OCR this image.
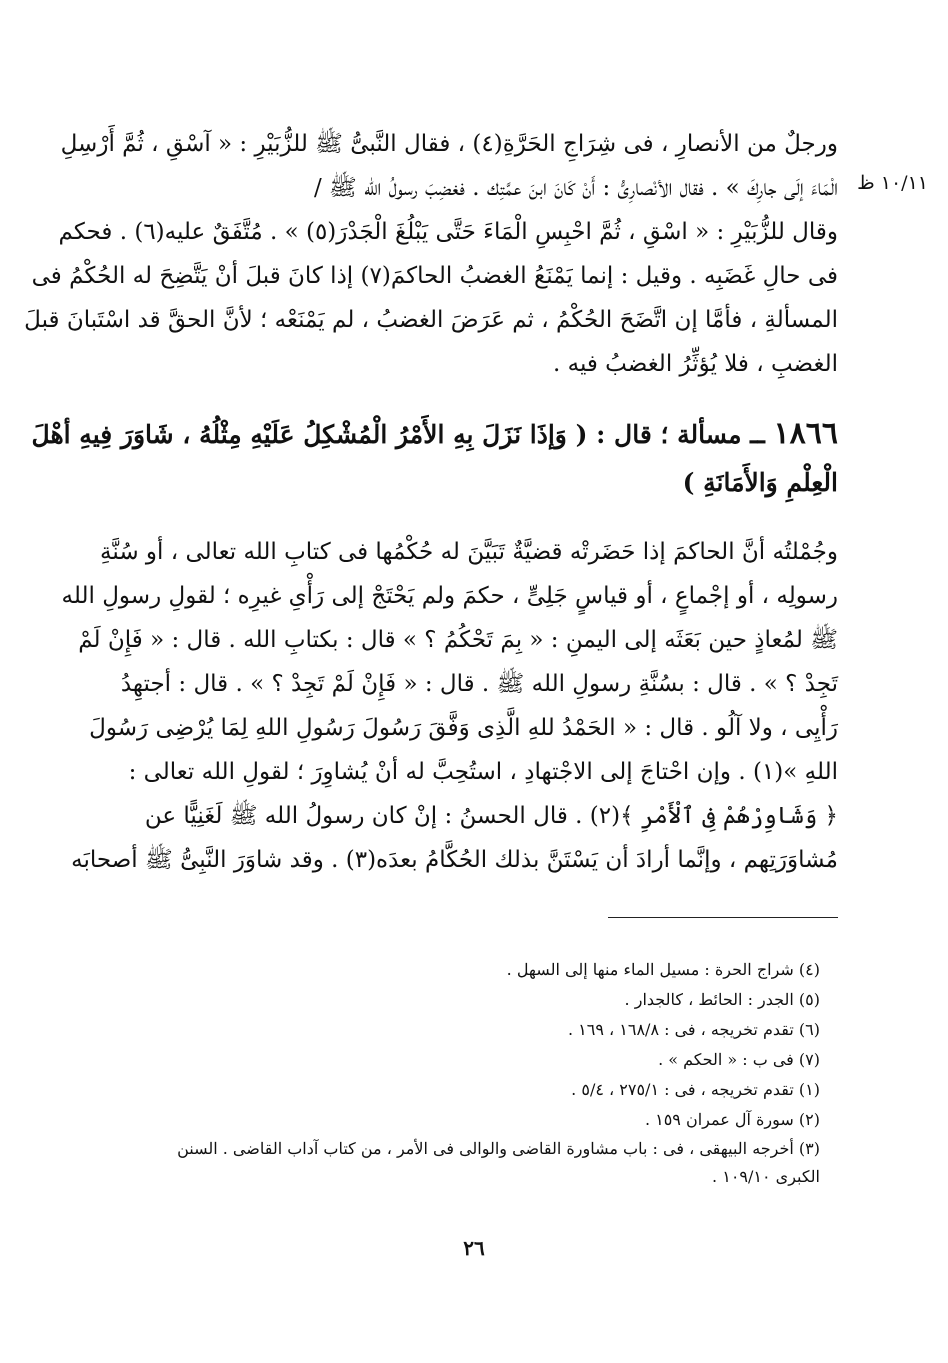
١٠/١١ ظ

ورجلٌ من الأنصارِ ، فى شِرَاجِ الحَرَّةِ(٤) ، فقال النَّبىُّ ﷺ للزُّبَيْرِ : « آسْقِ ، ثُمَّ أَرْسِلِ
الْمَاءَ إلَى جارِكَ » . فقال الأنْصارِىُّ : أَنْ كَانَ ابنَ عمَّتِك . فغضِبَ رسولُ الله ﷺ /
وقال للزُّبَيْرِ : « اسْقِ ، ثُمَّ احْبِسِ الْمَاءَ حَتَّى يَبْلُغَ الْجَدْرَ(٥) » . مُتَّفَقٌ عليه(٦) . فحكم
فى حالِ غَضَبِه . وقيل : إنما يَمْنَعُ الغضبُ الحاكمَ(٧) إذا كانَ قبلَ أنْ يَتَّضِحَ له الحُكْمُ فى
المسألةِ ، فأمَّا إن اتَّضَحَ الحُكْمُ ، ثم عَرَضَ الغضبُ ، لم يَمْنَعْه ؛ لأنَّ الحقَّ قد اسْتَبانَ قبلَ
الغضبِ ، فلا يُؤثِّرُ الغضبُ فيه .

١٨٦٦ ــ مسألة ؛ قال : ( وَإذَا نَزَلَ بِهِ الأَمْرُ الْمُشْكِلُ عَلَيْهِ مِثْلُهُ ، شَاوَرَ فِيهِ أهْلَ
الْعِلْمِ وَالأَمَانَةِ )

وجُمْلتُه أنَّ الحاكمَ إذا حَضَرتْه قضيَّةٌ تَبَيَّنَ له حُكْمُها فى كتابِ الله تعالى ، أو سُنَّةِ
رسولِه ، أو إجْماعٍ ، أو قياسٍ جَلِىٍّ ، حكمَ ولم يَحْتَجْ إلى رَأْىِ غيرِه ؛ لقولِ رسولِ الله
ﷺ لمُعاذٍ حين بَعَثَه إلى اليمنِ : « بِمَ تَحْكُمُ ؟ » قال : بكتابِ الله . قال : « فَإِنْ لَمْ
تَجِدْ ؟ » . قال : بسُنَّةِ رسولِ الله ﷺ . قال : « فَإِنْ لَمْ تَجِدْ ؟ » . قال : أجتهِدُ
رَأْيِى ، ولا آلُو . قال : « الحَمْدُ للهِ الَّذِى وَفَّقَ رَسُولَ رَسُولِ اللهِ لِمَا يُرْضِى رَسُولَ
اللهِ »(١) . وإن احْتاجَ إلى الاجْتهادِ ، استُحِبَّ له أنْ يُشاوِرَ ؛ لقولِ الله تعالى :
﴿ وَشَاوِرْهُمْ فِى ٱلْأَمْرِ ﴾(٢) . قال الحسنُ : إنْ كان رسولُ الله ﷺ لَغَنِيًّا عن
مُشاوَرَتِهم ، وإنَّما أرادَ أن يَسْتَنَّ بذلك الحُكَّامُ بعدَه(٣) . وقد شاوَرَ النَّبِىُّ ﷺ أصحابَه

(٤) شراج الحرة : مسيل الماء منها إلى السهل .
(٥) الجدر : الحائط ، كالجدار .
(٦) تقدم تخريجه ، فى : ١٦٨/٨ ، ١٦٩ .
(٧) فى ب : « الحكم » .
(١) تقدم تخريجه ، فى : ٢٧٥/١ ، ٥/٤ .
(٢) سورة آل عمران ١٥٩ .
(٣) أخرجه البيهقى ، فى : باب مشاورة القاضى والوالى فى الأمر ، من كتاب آداب القاضى . السنن الكبرى ١٠٩/١٠ .
٢٦
